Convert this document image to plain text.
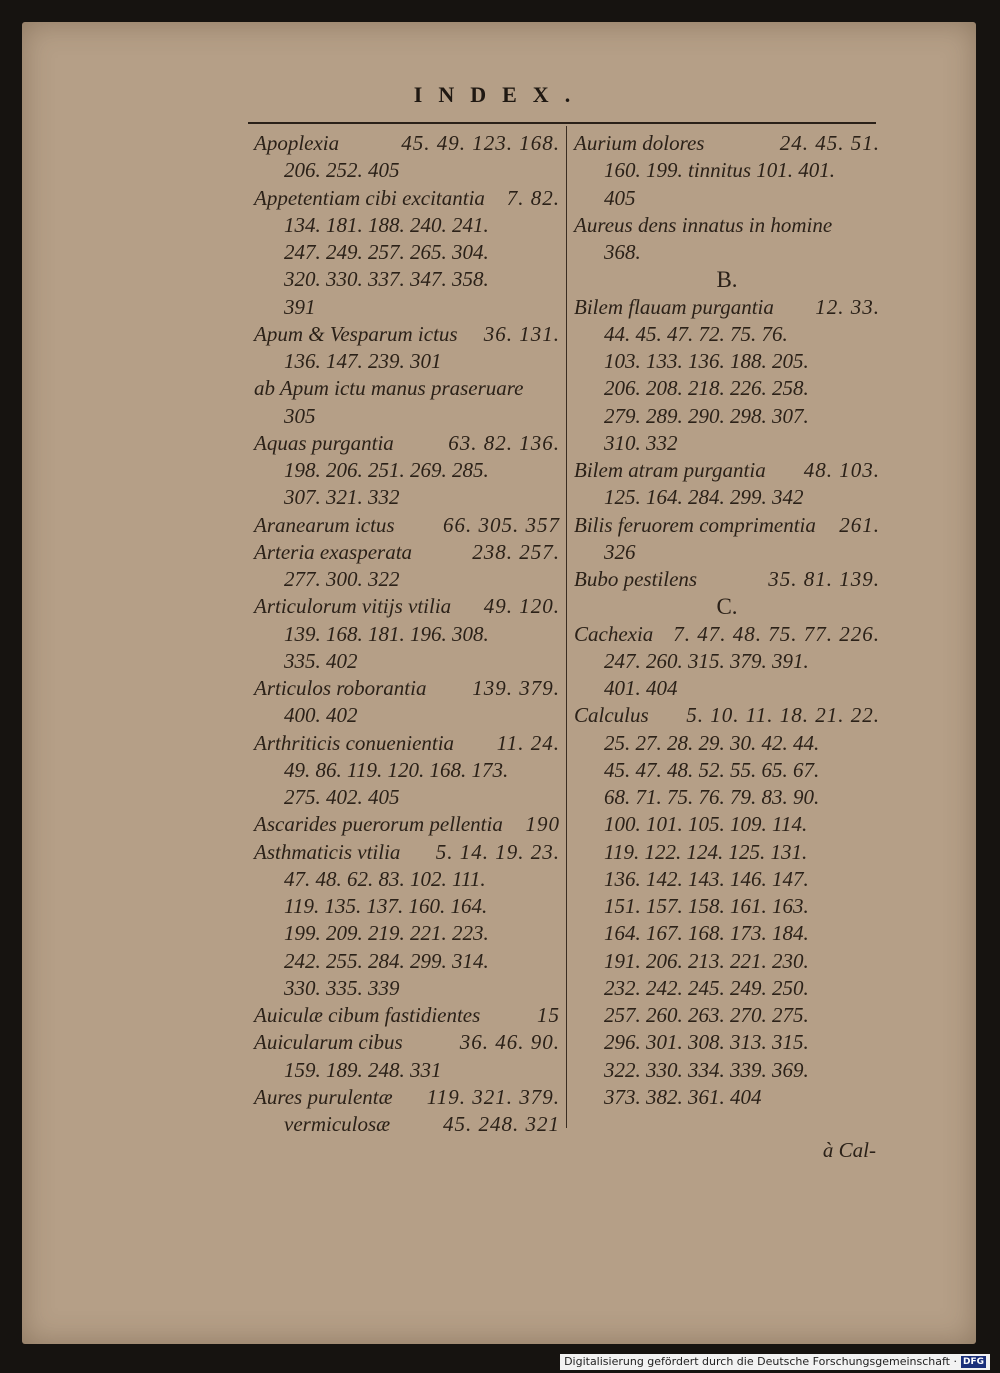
INDEX.
Apoplexia	45. 49. 123. 168.
206. 252. 405
Appetentiam cibi excitantia 7. 82.
134. 181. 188. 240. 241.
247. 249. 257. 265. 304.
320. 330. 337. 347. 358.
391
Apum & Vesparum ictus 36. 131.
136. 147. 239. 301
ab Apum ictu manus praseruare
305
Aquas purgantia	63. 82. 136.
198. 206. 251. 269. 285.
307. 321. 332
Aranearum ictus 66. 305. 357
Arteria exasperata	238. 257.
277. 300. 322
Articulorum vitijs vtilia 49. 120.
139. 168. 181. 196. 308.
335. 402
Articulos roborantia 139. 379.
400. 402
Arthriticis conuenientia 11. 24.
49. 86. 119. 120. 168. 173.
275. 402. 405
Ascarides puerorum pellentia 190
Asthmaticis vtilia 5. 14. 19. 23.
47. 48. 62. 83. 102. 111.
119. 135. 137. 160. 164.
199. 209. 219. 221. 223.
242. 255. 284. 299. 314.
330. 335. 339
Auiculæ cibum fastidientes	15
Auicularum cibus	36. 46. 90.
159. 189. 248. 331
Aures purulentæ 119. 321. 379.
vermiculosæ	45. 248. 321
Aurium dolores	24. 45. 51.
160. 199. tinnitus 101. 401.
405
Aureus dens innatus in homine
368.
B.
Bilem flauam purgantia 12. 33.
44. 45. 47. 72. 75. 76.
103. 133. 136. 188. 205.
206. 208. 218. 226. 258.
279. 289. 290. 298. 307.
310. 332
Bilem atram purgantia 48. 103.
125. 164. 284. 299. 342
Bilis feruorem comprimentia 261.
326
Bubo pestilens	35. 81. 139.
C.
Cachexia 7. 47. 48. 75. 77. 226.
247. 260. 315. 379. 391.
401. 404
Calculus 5. 10. 11. 18. 21. 22.
25. 27. 28. 29. 30. 42. 44.
45. 47. 48. 52. 55. 65. 67.
68. 71. 75. 76. 79. 83. 90.
100. 101. 105. 109. 114.
119. 122. 124. 125. 131.
136. 142. 143. 146. 147.
151. 157. 158. 161. 163.
164. 167. 168. 173. 184.
191. 206. 213. 221. 230.
232. 242. 245. 249. 250.
257. 260. 263. 270. 275.
296. 301. 308. 313. 315.
322. 330. 334. 339. 369.
373. 382. 361. 404
à Cal-
Digitalisierung gefördert durch die Deutsche Forschungsgemeinschaft · DFG
